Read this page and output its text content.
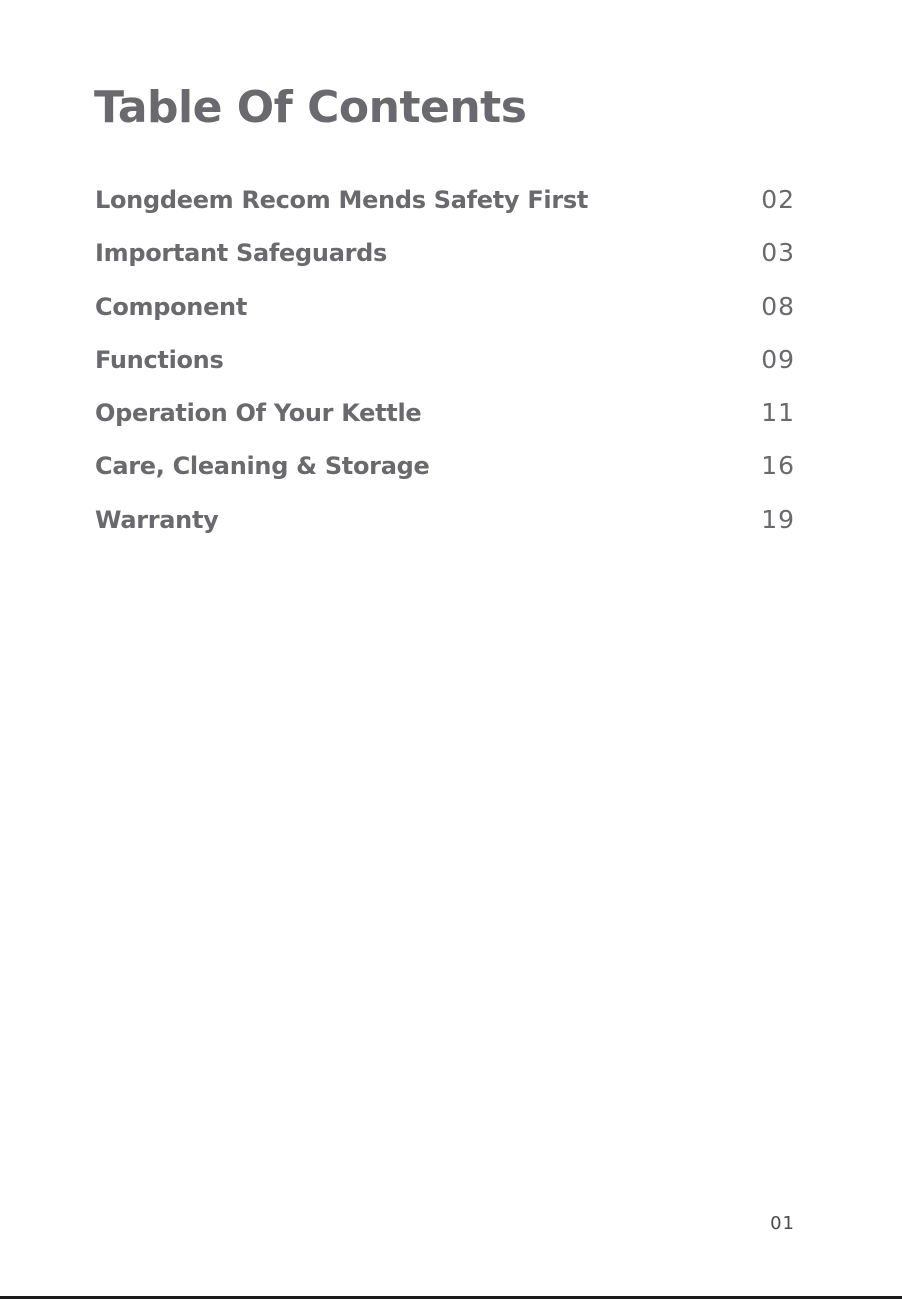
Table Of Contents
Longdeem Recom Mends Safety First	02
Important Safeguards	03
Component	08
Functions	09
Operation Of Your Kettle	11
Care, Cleaning & Storage	16
Warranty	19
01
